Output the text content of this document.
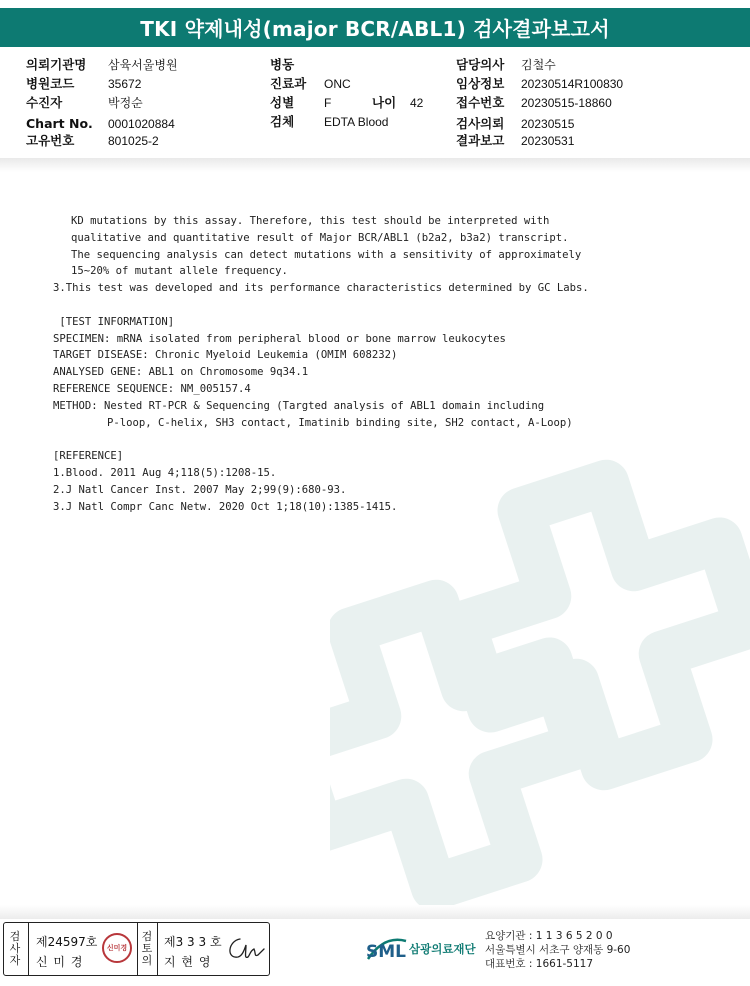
TKI 약제내성(major BCR/ABL1) 검사결과보고서
의뢰기관명 삼육서울병원
병원코드	35672
수진자	박정순
Chart No. 0001020884
고유번호	801025-2
병동
진료과 ONC
성별 F	나이 42
검체 EDTA Blood
담당의사 김철수
임상정보 20230514R100830
접수번호 20230515-18860
검사의뢰 20230515
결과보고 20230531
KD mutations by this assay. Therefore, this test should be interpreted with
qualitative and quantitative result of Major BCR/ABL1 (b2a2, b3a2) transcript.
The sequencing analysis can detect mutations with a sensitivity of approximately
15~20% of mutant allele frequency.
3.This test was developed and its performance characteristics determined by GC Labs.
[TEST INFORMATION]
SPECIMEN: mRNA isolated from peripheral blood or bone marrow leukocytes
TARGET DISEASE: Chronic Myeloid Leukemia (OMIM 608232)
ANALYSED GENE: ABL1 on Chromosome 9q34.1
REFERENCE SEQUENCE: NM_005157.4
METHOD: Nested RT-PCR & Sequencing (Targted analysis of ABL1 domain including
P-loop, C-helix, SH3 contact, Imatinib binding site, SH2 contact, A-Loop)
[REFERENCE]
1.Blood. 2011 Aug 4;118(5):1208-15.
2.J Natl Cancer Inst. 2007 May 2;99(9):680-93.
3.J Natl Compr Canc Netw. 2020 Oct 1;18(10):1385-1415.
검사자
제24597호
신 미 경
신미경
검토의
제3 3 3 호
지 현 영	SML 삼광의료재단
요양기관 : 1 1 3 6 5 2 0 0
서울특별시 서초구 양재동 9-60
대표번호 : 1661-5117
